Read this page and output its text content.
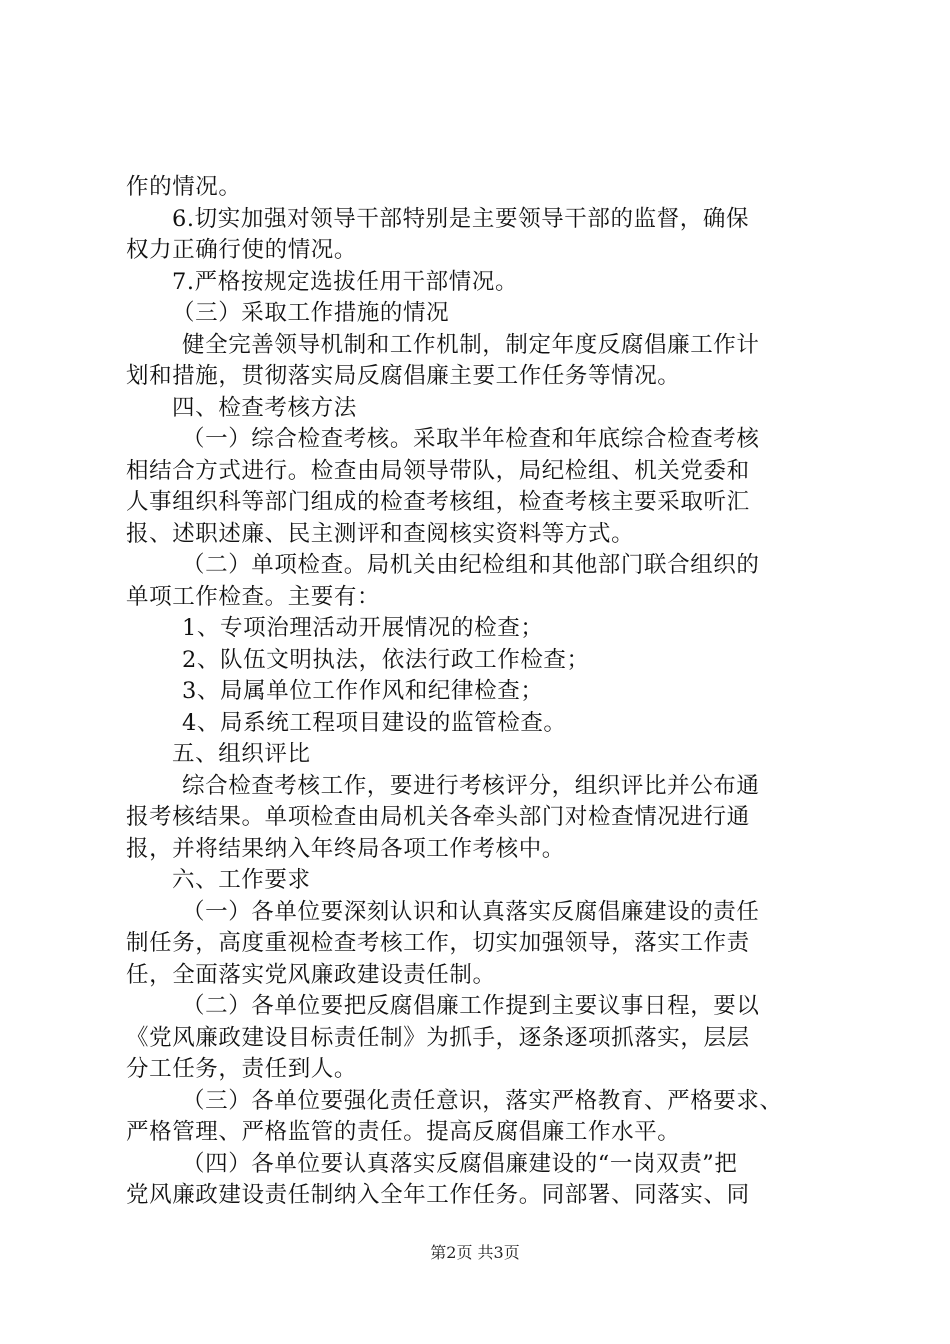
作的情况。
6.切实加强对领导干部特别是主要领导干部的监督，确保
权力正确行使的情况。
7.严格按规定选拔任用干部情况。
（三）采取工作措施的情况
健全完善领导机制和工作机制，制定年度反腐倡廉工作计
划和措施，贯彻落实局反腐倡廉主要工作任务等情况。
四、检查考核方法
（一）综合检查考核。采取半年检查和年底综合检查考核
相结合方式进行。检查由局领导带队，局纪检组、机关党委和
人事组织科等部门组成的检查考核组，检查考核主要采取听汇
报、述职述廉、民主测评和查阅核实资料等方式。
（二）单项检查。局机关由纪检组和其他部门联合组织的
单项工作检查。主要有：
1、专项治理活动开展情况的检查；
2、队伍文明执法，依法行政工作检查；
3、局属单位工作作风和纪律检查；
4、局系统工程项目建设的监管检查。
五、组织评比
综合检查考核工作，要进行考核评分，组织评比并公布通
报考核结果。单项检查由局机关各牵头部门对检查情况进行通
报，并将结果纳入年终局各项工作考核中。
六、工作要求
（一）各单位要深刻认识和认真落实反腐倡廉建设的责任
制任务，高度重视检查考核工作，切实加强领导，落实工作责
任，全面落实党风廉政建设责任制。
（二）各单位要把反腐倡廉工作提到主要议事日程，要以
《党风廉政建设目标责任制》为抓手，逐条逐项抓落实，层层
分工任务，责任到人。
（三）各单位要强化责任意识，落实严格教育、严格要求、
严格管理、严格监管的责任。提高反腐倡廉工作水平。
（四）各单位要认真落实反腐倡廉建设的“一岗双责”把
党风廉政建设责任制纳入全年工作任务。同部署、同落实、同
第2页 共3页
